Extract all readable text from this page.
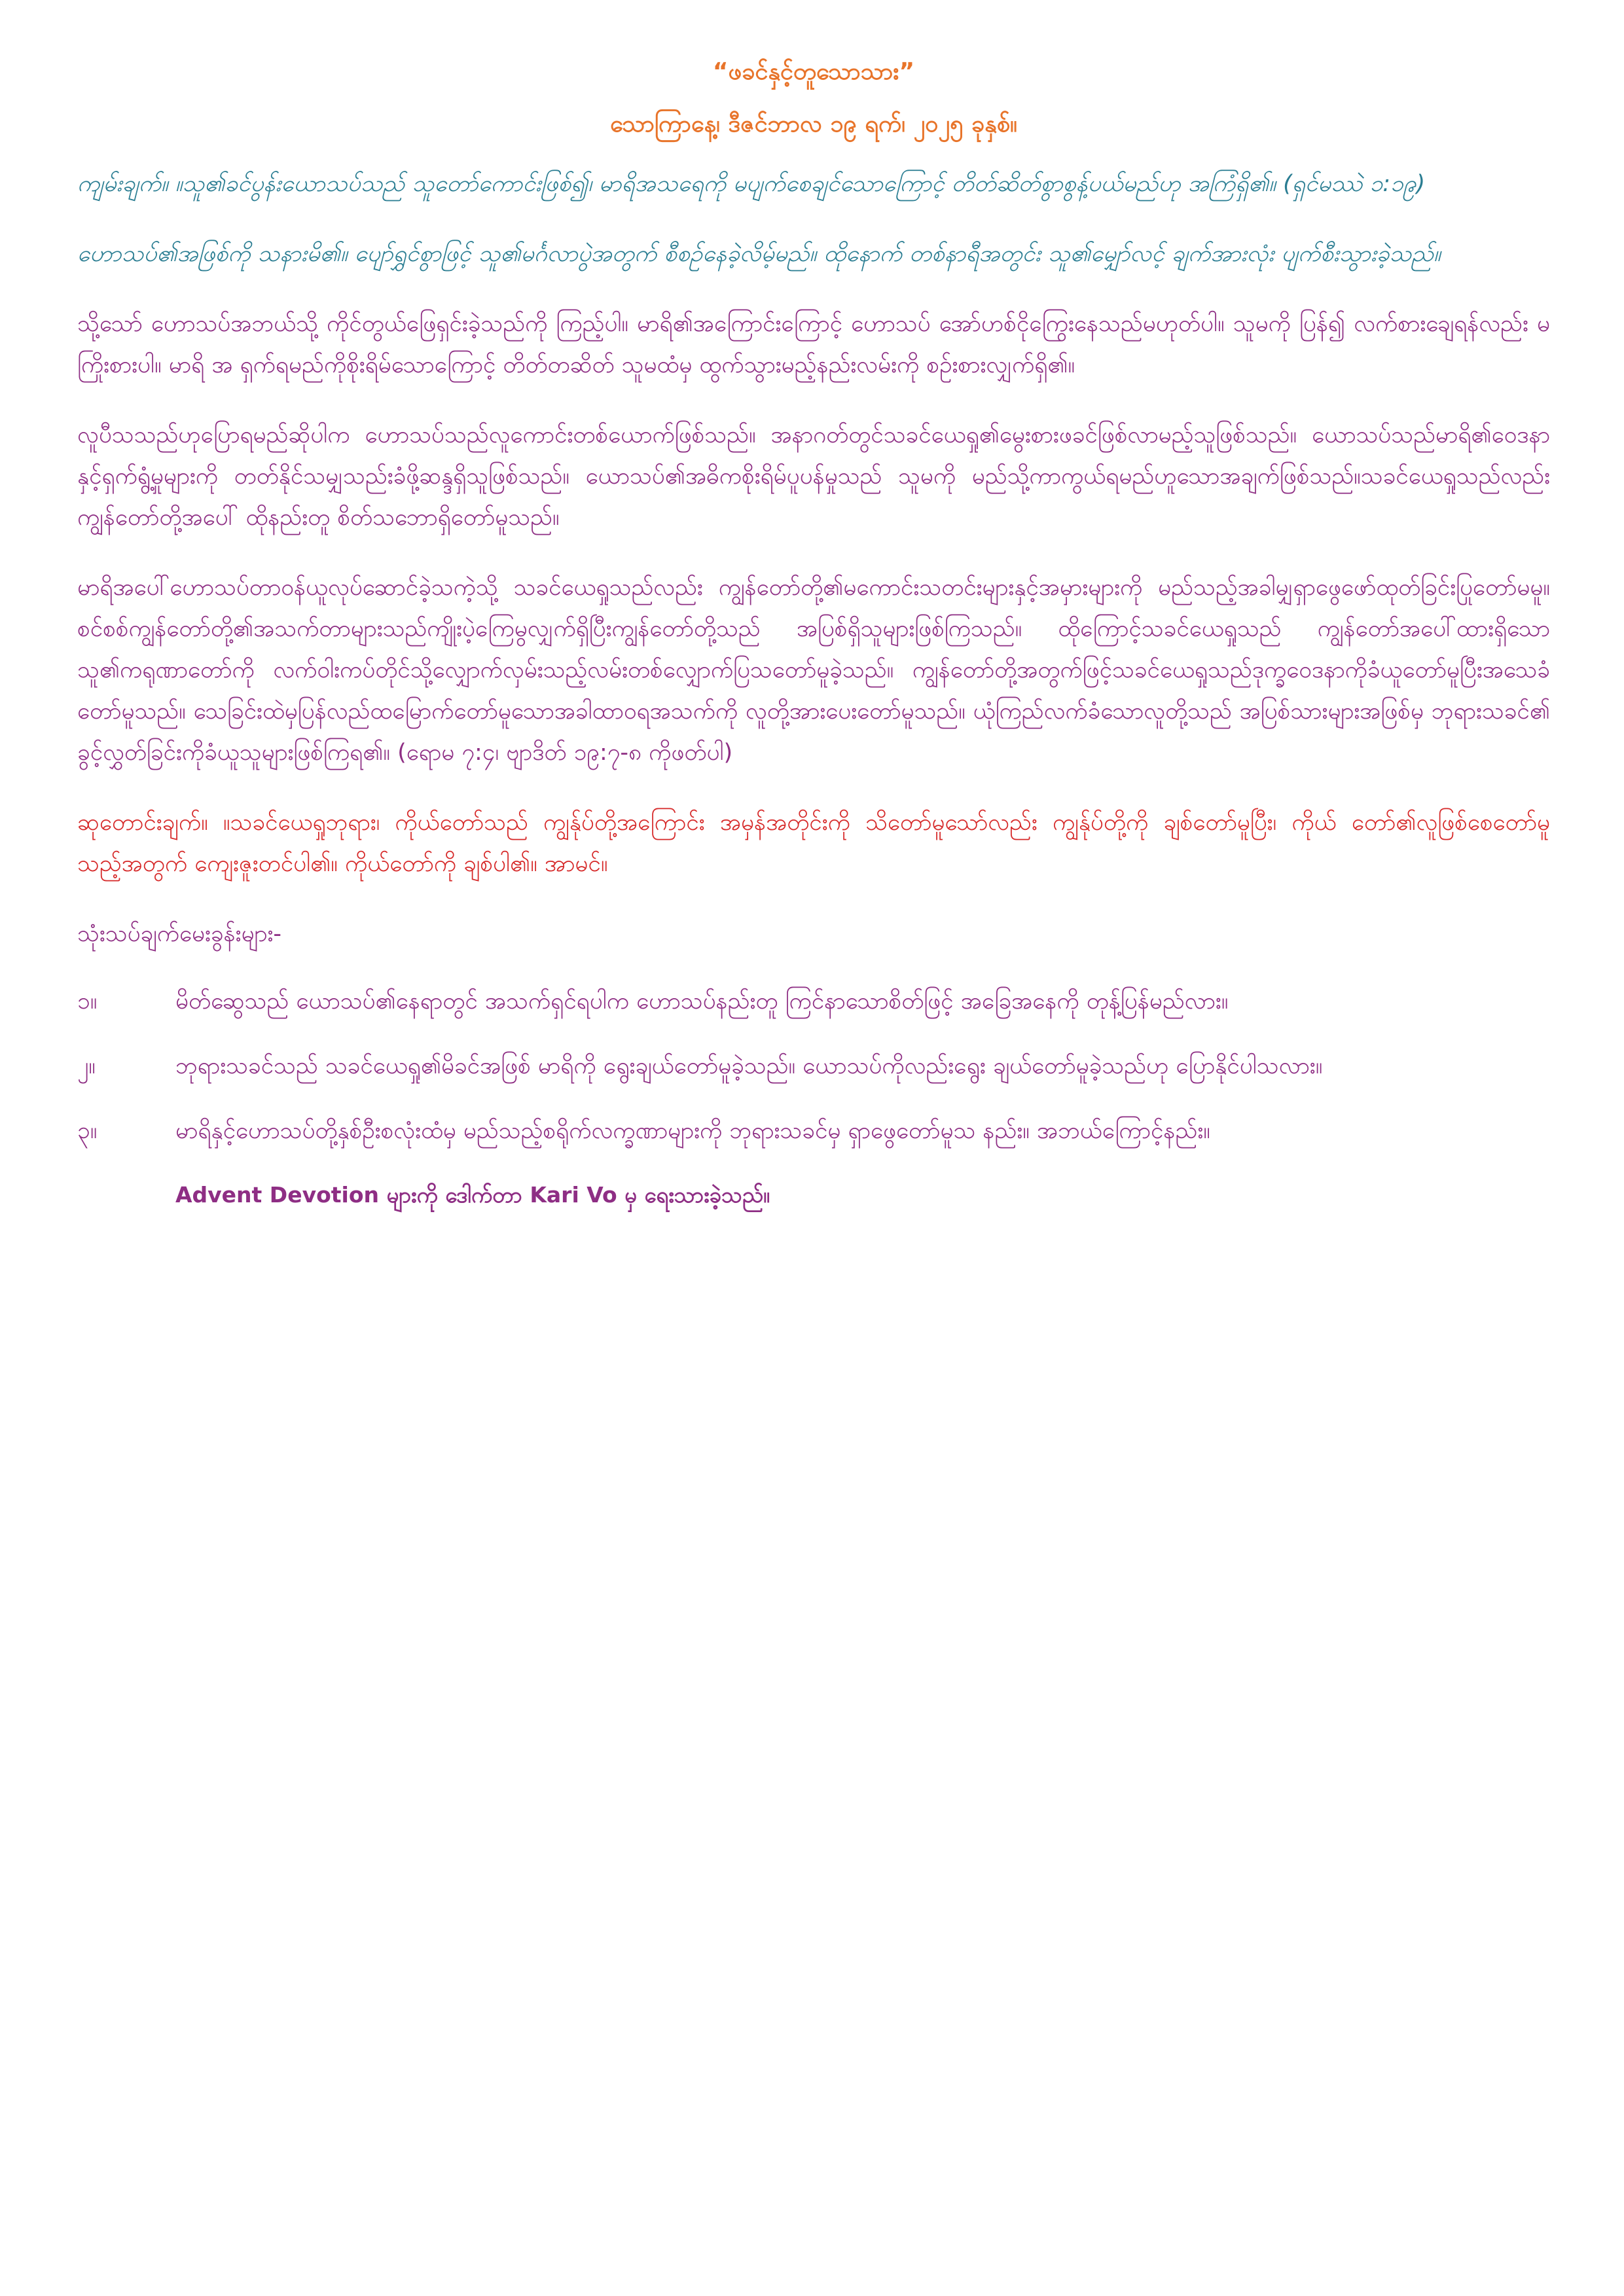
“ဖခင်နှင့်တူသောသား”
သောကြာနေ့၊ ဒီဇင်ဘာလ ၁၉ ရက်၊ ၂၀၂၅ ခုနှစ်။

ကျမ်းချက်။ ။သူ၏ခင်ပွန်းယောသပ်သည် သူတော်ကောင်းဖြစ်၍၊ မာရိအသရေကို မပျက်စေချင်သောကြောင့် တိတ်ဆိတ်စွာစွန့်ပယ်မည်ဟု အကြံရှိ၏။ (ရှင်မဿဲ ၁:၁၉)

ဟောသပ်၏အဖြစ်ကို သနားမိ၏။ ပျော်ရွှင်စွာဖြင့် သူ၏မင်္ဂလာပွဲအတွက် စီစဉ်နေခဲ့လိမ့်မည်။ ထိုနောက် တစ်နာရီအတွင်း သူ၏မျှော်လင့် ချက်အားလုံး ပျက်စီးသွားခဲ့သည်။

သို့သော် ဟောသပ်အဘယ်သို့ ကိုင်တွယ်ဖြေရှင်းခဲ့သည်ကို ကြည့်ပါ။ မာရိ၏အကြောင်းကြောင့် ဟောသပ် အော်ဟစ်ငိုကြွေးနေသည်မဟုတ်ပါ။ သူမကို ပြန်၍ လက်စားချေရန်လည်း မကြိုးစားပါ။ မာရိ အ ရှက်ရမည်ကိုစိုးရိမ်သောကြောင့် တိတ်တဆိတ် သူမထံမှ ထွက်သွားမည့်နည်းလမ်းကို စဉ်းစားလျှက်ရှိ၏။

လူပီသသည်ဟုပြောရမည်ဆိုပါက ဟောသပ်သည်လူကောင်းတစ်ယောက်ဖြစ်သည်။ အနာဂတ်တွင်သခင်ယေရှု၏မွေးစားဖခင်ဖြစ်လာမည့်သူဖြစ်သည်။ ယောသပ်သည်မာရိ၏ဝေဒနာနှင့်ရှက်ရွံ့မှုများကို တတ်နိုင်သမျှသည်းခံဖို့ဆန္ဒရှိသူဖြစ်သည်။ ယောသပ်၏အဓိကစိုးရိမ်ပူပန်မှုသည် သူမကို မည်သို့ကာကွယ်ရမည်ဟူသောအချက်ဖြစ်သည်။သခင်ယေရှုသည်လည်း ကျွန်တော်တို့အပေါ် ထိုနည်းတူ စိတ်သဘောရှိတော်မူသည်။

မာရိအပေါ်ဟောသပ်တာဝန်ယူလုပ်ဆောင်ခဲ့သကဲ့သို့ သခင်ယေရှုသည်လည်း ကျွန်တော်တို့၏မကောင်းသတင်းများနှင့်အမှားများကို မည်သည့်အခါမျှရှာဖွေဖော်ထုတ်ခြင်းပြုတော်မမူ။ စင်စစ်ကျွန်တော်တို့၏အသက်တာများသည်ကျိုးပဲ့ကြေမွလျှက်ရှိပြီးကျွန်တော်တို့သည် အပြစ်ရှိသူများဖြစ်ကြသည်။ ထိုကြောင့်သခင်ယေရှုသည် ကျွန်တော်အပေါ်ထားရှိသောသူ၏ကရုဏာတော်ကို လက်ဝါးကပ်တိုင်သို့လျှောက်လှမ်းသည့်လမ်းတစ်လျှောက်ပြသတော်မူခဲ့သည်။ ကျွန်တော်တို့အတွက်ဖြင့်သခင်ယေရှုသည်ဒုက္ခဝေဒနာကိုခံယူတော်မူပြီးအသေခံတော်မူသည်။ သေခြင်းထဲမှပြန်လည်ထမြောက်တော်မူသောအခါထာဝရအသက်ကို လူတို့အားပေးတော်မူသည်။ ယုံကြည်လက်ခံသောလူတို့သည် အပြစ်သားများအဖြစ်မှ ဘုရားသခင်၏ ခွင့်လွှတ်ခြင်းကိုခံယူသူများဖြစ်ကြရ၏။ (ရောမ ၇:၄၊ ဗျာဒိတ် ၁၉:၇-၈ ကိုဖတ်ပါ)

ဆုတောင်းချက်။ ။သခင်ယေရှုဘုရား၊ ကိုယ်တော်သည် ကျွန်ုပ်တို့အကြောင်း အမှန်အတိုင်းကို သိတော်မူသော်လည်း ကျွန်ုပ်တို့ကို ချစ်တော်မူပြီး၊ ကိုယ် တော်၏လူဖြစ်စေတော်မူသည့်အတွက် ကျေးဇူးတင်ပါ၏။ ကိုယ်တော်ကို ချစ်ပါ၏။ အာမင်။

သုံးသပ်ချက်မေးခွန်းများ-
၁။	မိတ်ဆွေသည် ယောသပ်၏နေရာတွင် အသက်ရှင်ရပါက ဟောသပ်နည်းတူ ကြင်နာသောစိတ်ဖြင့် အခြေအနေကို တုန့်ပြန်မည်လား။
၂။	ဘုရားသခင်သည် သခင်ယေရှု၏မိခင်အဖြစ် မာရိကို ရွေးချယ်တော်မူခဲ့သည်။ ယောသပ်ကိုလည်းရွေး ချယ်တော်မူခဲ့သည်ဟု ပြောနိုင်ပါသလား။
၃။	မာရိနှင့်ဟောသပ်တို့နှစ်ဦးစလုံးထံမှ မည်သည့်စရိုက်လက္ခဏာများကို ဘုရားသခင်မှ ရှာဖွေတော်မူသ နည်း။ အဘယ်ကြောင့်နည်း။
Advent Devotion များကို ဒေါက်တာ Kari Vo မှ ရေးသားခဲ့သည်။
